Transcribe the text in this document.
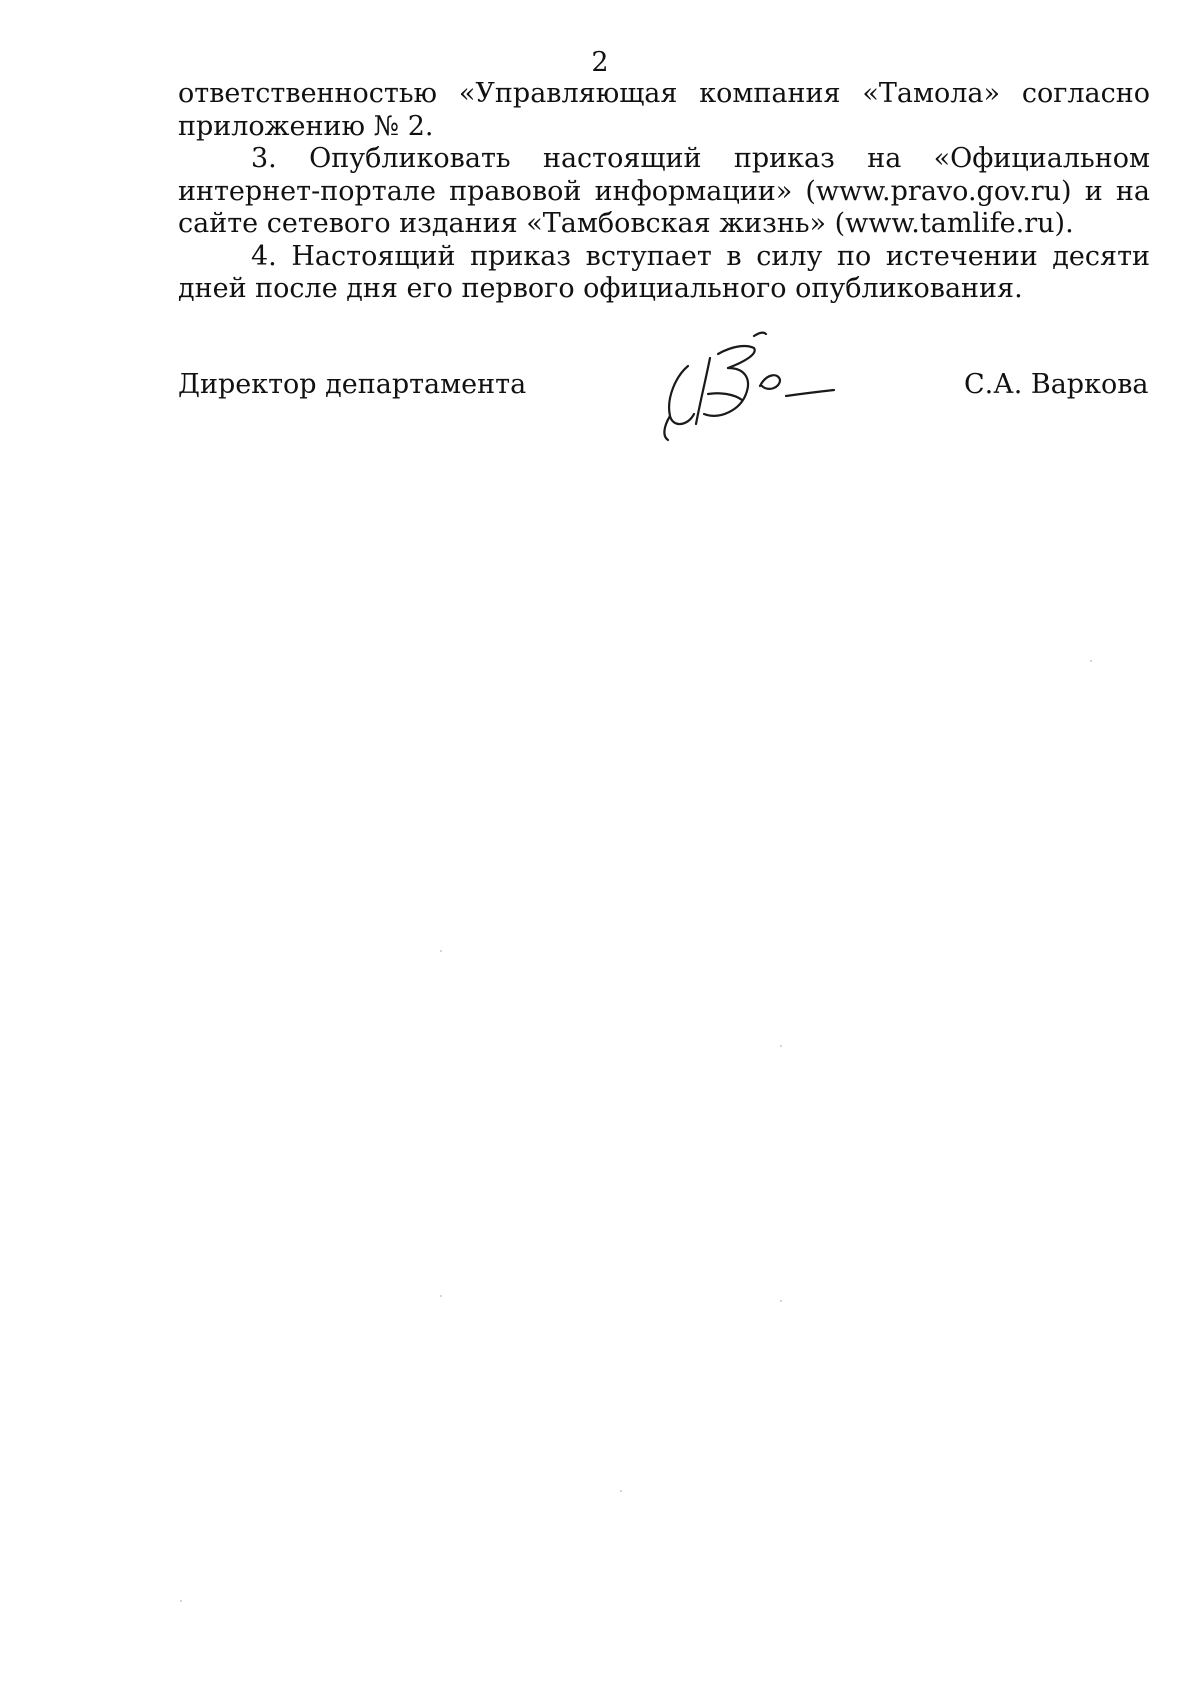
2

ответственностью «Управляющая компания «Тамола» согласно приложению № 2.

3. Опубликовать настоящий приказ на «Официальном интернет-портале правовой информации» (www.pravo.gov.ru) и на сайте сетевого издания «Тамбовская жизнь» (www.tamlife.ru).

4. Настоящий приказ вступает в силу по истечении десяти дней после дня его первого официального опубликования.

Директор департамента	С.А. Варкова
